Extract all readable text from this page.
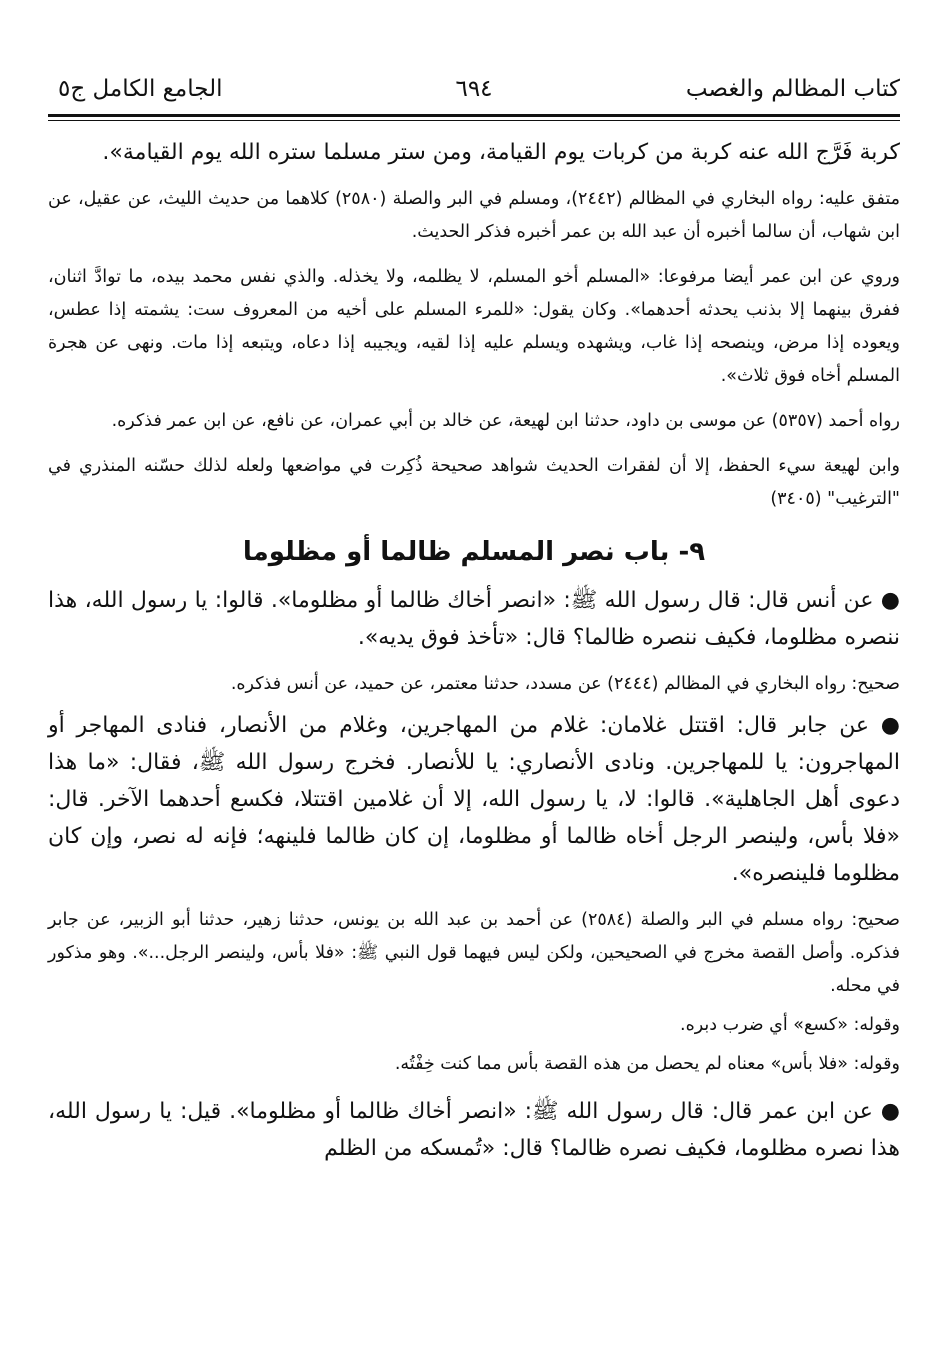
كتاب المظالم والغصب
٦٩٤
الجامع الكامل ج٥

كربة فَرَّج الله عنه كربة من كربات يوم القيامة، ومن ستر مسلما ستره الله يوم القيامة».

متفق عليه: رواه البخاري في المظالم (٢٤٤٢)، ومسلم في البر والصلة (٢٥٨٠) كلاهما من حديث الليث، عن عقيل، عن ابن شهاب، أن سالما أخبره أن عبد الله بن عمر أخبره فذكر الحديث.

وروي عن ابن عمر أيضا مرفوعا: «المسلم أخو المسلم، لا يظلمه، ولا يخذله. والذي نفس محمد بيده، ما توادَّ اثنان، ففرق بينهما إلا بذنب يحدثه أحدهما». وكان يقول: «للمرء المسلم على أخيه من المعروف ست: يشمته إذا عطس، ويعوده إذا مرض، وينصحه إذا غاب، ويشهده ويسلم عليه إذا لقيه، ويجيبه إذا دعاه، ويتبعه إذا مات. ونهى عن هجرة المسلم أخاه فوق ثلاث».

رواه أحمد (٥٣٥٧) عن موسى بن داود، حدثنا ابن لهيعة، عن خالد بن أبي عمران، عن نافع، عن ابن عمر فذكره.

وابن لهيعة سيء الحفظ، إلا أن لفقرات الحديث شواهد صحيحة ذُكِرت في مواضعها ولعله لذلك حسّنه المنذري في "الترغيب" (٣٤٠٥)

٩- باب نصر المسلم ظالما أو مظلوما

● عن أنس قال: قال رسول الله ﷺ: «انصر أخاك ظالما أو مظلوما». قالوا: يا رسول الله، هذا ننصره مظلوما، فكيف ننصره ظالما؟ قال: «تأخذ فوق يديه».

صحيح: رواه البخاري في المظالم (٢٤٤٤) عن مسدد، حدثنا معتمر، عن حميد، عن أنس فذكره.

● عن جابر قال: اقتتل غلامان: غلام من المهاجرين، وغلام من الأنصار، فنادى المهاجر أو المهاجرون: يا للمهاجرين. ونادى الأنصاري: يا للأنصار. فخرج رسول الله ﷺ، فقال: «ما هذا دعوى أهل الجاهلية». قالوا: لا، يا رسول الله، إلا أن غلامين اقتتلا، فكسع أحدهما الآخر. قال: «فلا بأس، ولينصر الرجل أخاه ظالما أو مظلوما، إن كان ظالما فلينهه؛ فإنه له نصر، وإن كان مظلوما فلينصره».

صحيح: رواه مسلم في البر والصلة (٢٥٨٤) عن أحمد بن عبد الله بن يونس، حدثنا زهير، حدثنا أبو الزبير، عن جابر فذكره. وأصل القصة مخرج في الصحيحين، ولكن ليس فيهما قول النبي ﷺ: «فلا بأس، ولينصر الرجل...». وهو مذكور في محله.

وقوله: «كسع» أي ضرب دبره.

وقوله: «فلا بأس» معناه لم يحصل من هذه القصة بأس مما كنت خِفْتُه.

● عن ابن عمر قال: قال رسول الله ﷺ: «انصر أخاك ظالما أو مظلوما». قيل: يا رسول الله، هذا نصره مظلوما، فكيف نصره ظالما؟ قال: «تُمسكه من الظلم
